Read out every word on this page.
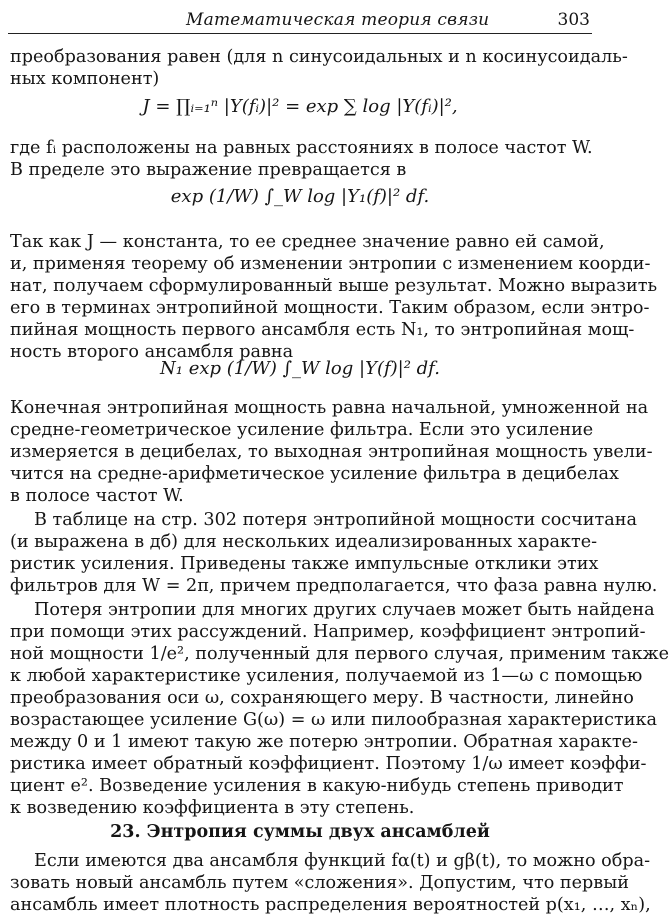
Математическая теория связи	303
преобразования равен (для n синусоидальных и n косинусоидаль-
ных компонент)
J = ∏ᵢ₌₁ⁿ |Y(fᵢ)|² = exp ∑ log |Y(fᵢ)|²,
где fᵢ расположены на равных расстояниях в полосе частот W.
В пределе это выражение превращается в
exp (1/W) ∫_W log |Y₁(f)|² df.
Так как J — константа, то ее среднее значение равно ей самой,
и, применяя теорему об изменении энтропии с изменением коорди-
нат, получаем сформулированный выше результат. Можно выразить
его в терминах энтропийной мощности. Таким образом, если энтро-
пийная мощность первого ансамбля есть N₁, то энтропийная мощ-
ность второго ансамбля равна
N₁ exp (1/W) ∫_W log |Y(f)|² df.
Конечная энтропийная мощность равна начальной, умноженной на
средне-геометрическое усиление фильтра. Если это усиление
измеряется в децибелах, то выходная энтропийная мощность увели-
чится на средне-арифметическое усиление фильтра в децибелах
в полосе частот W.
В таблице на стр. 302 потеря энтропийной мощности сосчитана
(и выражена в дб) для нескольких идеализированных характе-
ристик усиления. Приведены также импульсные отклики этих
фильтров для W = 2π, причем предполагается, что фаза равна нулю.
Потеря энтропии для многих других случаев может быть найдена
при помощи этих рассуждений. Например, коэффициент энтропий-
ной мощности 1/e², полученный для первого случая, применим также
к любой характеристике усиления, получаемой из 1—ω с помощью
преобразования оси ω, сохраняющего меру. В частности, линейно
возрастающее усиление G(ω) = ω или пилообразная характеристика
между 0 и 1 имеют такую же потерю энтропии. Обратная характе-
ристика имеет обратный коэффициент. Поэтому 1/ω имеет коэффи-
циент e². Возведение усиления в какую-нибудь степень приводит
23. Энтропия суммы двух ансамблей
к возведению коэффициента в эту степень.
Если имеются два ансамбля функций fα(t) и gβ(t), то можно обра-
зовать новый ансамбль путем «сложения». Допустим, что первый
ансамбль имеет плотность распределения вероятностей p(x₁, …, xₙ),
